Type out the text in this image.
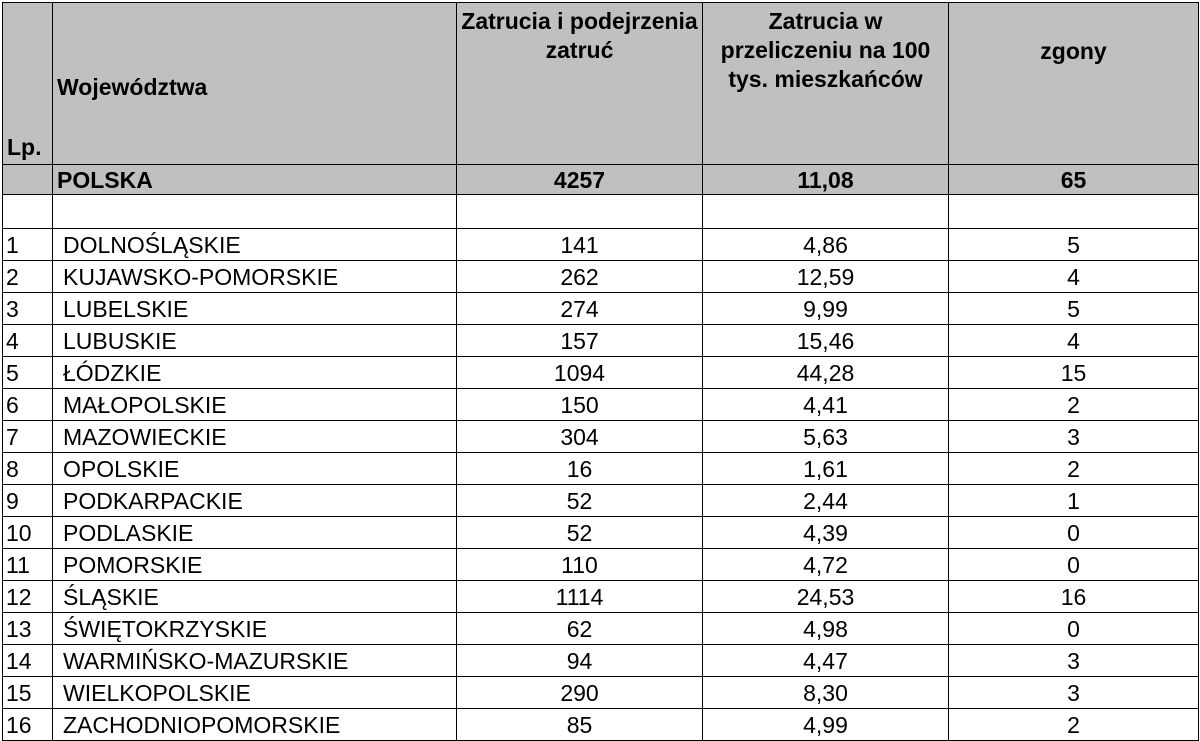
Lp.	Województwa	Zatrucia i podejrzenia zatruć	Zatrucia w przeliczeniu na 100 tys. mieszkańców	zgony
	POLSKA	4257	11,08	65

1	DOLNOŚLĄSKIE	141	4,86	5
2	KUJAWSKO-POMORSKIE	262	12,59	4
3	LUBELSKIE	274	9,99	5
4	LUBUSKIE	157	15,46	4
5	ŁÓDZKIE	1094	44,28	15
6	MAŁOPOLSKIE	150	4,41	2
7	MAZOWIECKIE	304	5,63	3
8	OPOLSKIE	16	1,61	2
9	PODKARPACKIE	52	2,44	1
10	PODLASKIE	52	4,39	0
11	POMORSKIE	110	4,72	0
12	ŚLĄSKIE	1114	24,53	16
13	ŚWIĘTOKRZYSKIE	62	4,98	0
14	WARMIŃSKO-MAZURSKIE	94	4,47	3
15	WIELKOPOLSKIE	290	8,30	3
16	ZACHODNIOPOMORSKIE	85	4,99	2
